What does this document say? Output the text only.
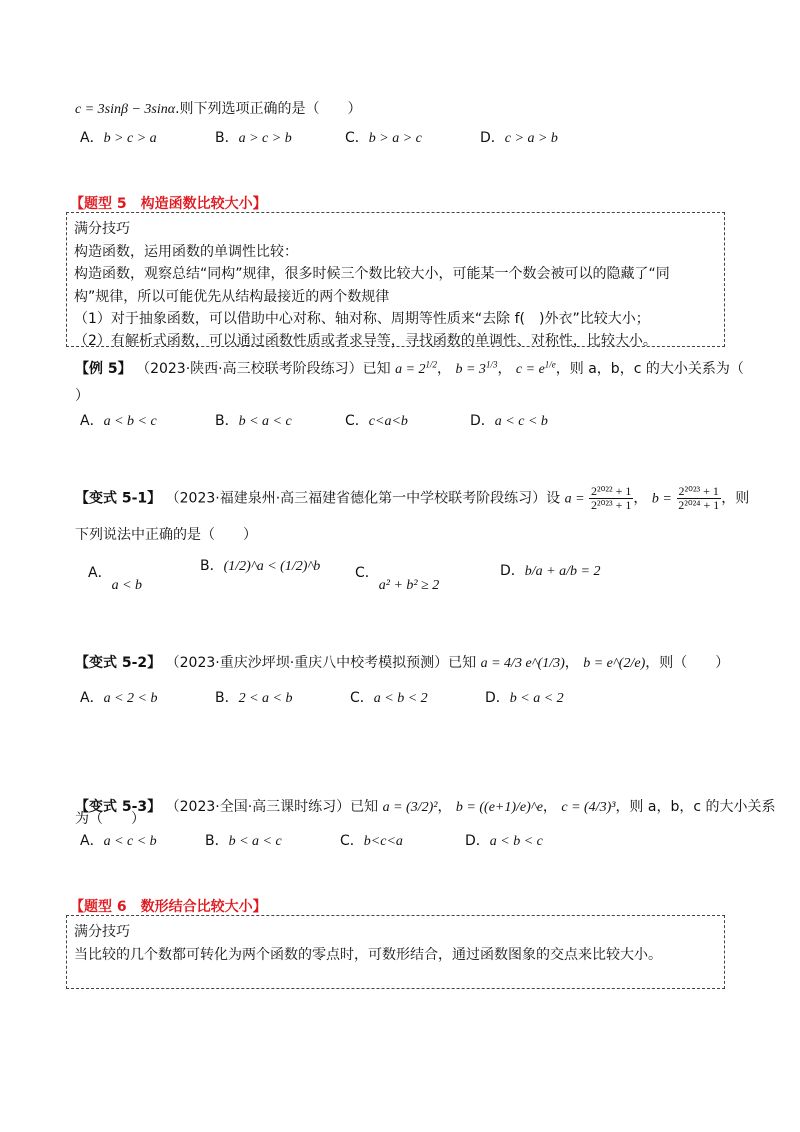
c = 3sinβ − 3sinα.则下列选项正确的是（　　）
A．b > c > a	B．a > c > b	C．b > a > c	D．c > a > b
【题型 5　构造函数比较大小】
满分技巧
构造函数，运用函数的单调性比较：
构造函数，观察总结“同构”规律，很多时候三个数比较大小，可能某一个数会被可以的隐藏了“同
构”规律，所以可能优先从结构最接近的两个数规律
（1）对于抽象函数，可以借助中心对称、轴对称、周期等性质来“去除 f(　)外衣”比较大小；
（2）有解析式函数，可以通过函数性质或者求导等，寻找函数的单调性、对称性，比较大小。
【例 5】 （2023·陕西·高三校联考阶段练习）已知 $a = 2^{1/2}$， $b = 3^{1/3}$， $c = e^{1/e}$，则 a，b，c 的大小关系为（
）
A．a < b < c	B．b < a < c	C．c<a<b	D．a < c < b
【变式 5-1】 （2023·福建泉州·高三福建省德化第一中学校联考阶段练习）设 $a = \frac{\text{2²⁰²² + 1}}{\text{2²⁰²³ + 1}}$ ， $b = \frac{\text{2²⁰²³ + 1}}{\text{2²⁰²⁴ + 1}}$ ，则
下列说法中正确的是（　　）
A．a < b
B．(1/2)^a < (1/2)^b C．a² + b² ≥ 2
D．b/a + a/b = 2
【变式 5-2】 （2023·重庆沙坪坝·重庆八中校考模拟预测）已知 a = 4/3 e^(1/3)， b = e^(2/e)，则（　　）
A．a < 2 < b	B．2 < a < b	C．a < b < 2	D．b < a < 2
【变式 5-3】 （2023·全国·高三课时练习）已知 a = (3/2)²， b = ((e+1)/e)^e， c = (4/3)³，则 a，b，c 的大小关系
为（　　）
A．a < c < b	B．b < a < c	C．b<c<a	D．a < b < c
【题型 6　数形结合比较大小】
满分技巧
当比较的几个数都可转化为两个函数的零点时，可数形结合，通过函数图象的交点来比较大小。
